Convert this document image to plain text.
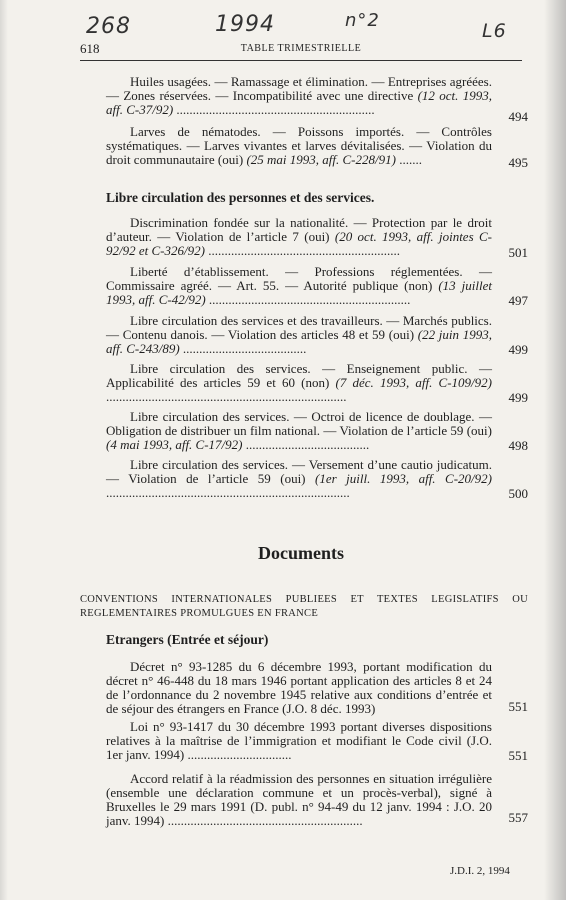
268	1994	n°2	L6
618	TABLE TRIMESTRIELLE
Huiles usagées. — Ramassage et élimination. — Entreprises agréées. — Zones réservées. — Incompatibilité avec une directive (12 oct. 1993, aff. C-37/92) .............................................................	494
Larves de nématodes. — Poissons importés. — Contrôles systématiques. — Larves vivantes et larves dévitalisées. — Violation du droit communautaire (oui) (25 mai 1993, aff. C-228/91) .......	495
Libre circulation des personnes et des services.
Discrimination fondée sur la nationalité. — Protection par le droit d’auteur. — Violation de l’article 7 (oui) (20 oct. 1993, aff. jointes C-92/92 et C-326/92) ...........................................................	501
Liberté d’établissement. — Professions réglementées. — Commissaire agréé. — Art. 55. — Autorité publique (non) (13 juillet 1993, aff. C-42/92) ..............................................................	497
Libre circulation des services et des travailleurs. — Marchés publics. — Contenu danois. — Violation des articles 48 et 59 (oui) (22 juin 1993, aff. C-243/89) ......................................	499
Libre circulation des services. — Enseignement public. — Applicabilité des articles 59 et 60 (non) (7 déc. 1993, aff. C-109/92) ..........................................................................	499
Libre circulation des services. — Octroi de licence de doublage. — Obligation de distribuer un film national. — Violation de l’article 59 (oui) (4 mai 1993, aff. C-17/92) ......................................	498
Libre circulation des services. — Versement d’une cautio judicatum. — Violation de l’article 59 (oui) (1er juill. 1993, aff. C-20/92) ...........................................................................	500
Documents
CONVENTIONS INTERNATIONALES PUBLIEES ET TEXTES LEGISLATIFS OU REGLEMENTAIRES PROMULGUES EN FRANCE
Etrangers (Entrée et séjour)
Décret n° 93-1285 du 6 décembre 1993, portant modification du décret n° 46-448 du 18 mars 1946 portant application des articles 8 et 24 de l’ordonnance du 2 novembre 1945 relative aux conditions d’entrée et de séjour des étrangers en France (J.O. 8 déc. 1993)	551
Loi n° 93-1417 du 30 décembre 1993 portant diverses dispositions relatives à la maîtrise de l’immigration et modifiant le Code civil (J.O. 1er janv. 1994) ................................	551
Accord relatif à la réadmission des personnes en situation irrégulière (ensemble une déclaration commune et un procès-verbal), signé à Bruxelles le 29 mars 1991 (D. publ. n° 94-49 du 12 janv. 1994 : J.O. 20 janv. 1994) ............................................................	557
J.D.I. 2, 1994
